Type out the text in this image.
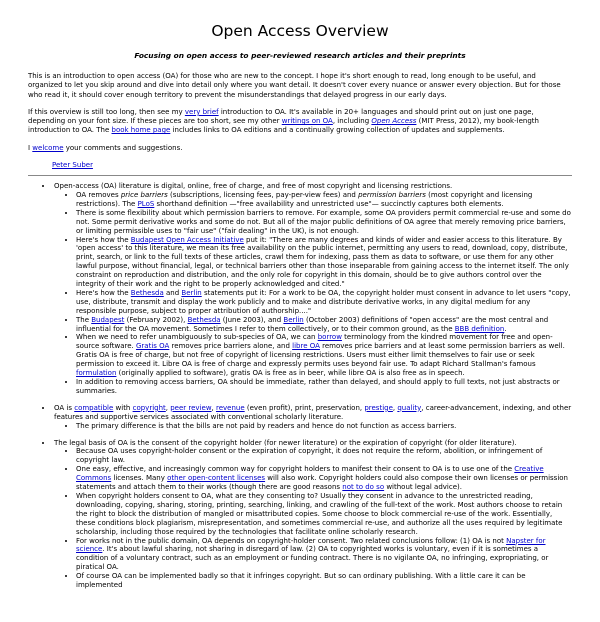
Open Access Overview
Focusing on open access to peer-reviewed research articles and their preprints

This is an introduction to open access (OA) for those who are new to the concept. I hope it's short enough to read, long enough to be useful, and organized to let you skip around and dive into detail only where you want detail. It doesn't cover every nuance or answer every objection. But for those who read it, it should cover enough territory to prevent the misunderstandings that delayed progress in our early days.

If this overview is still too long, then see my very brief introduction to OA. It's available in 20+ languages and should print out on just one page, depending on your font size. If these pieces are too short, see my other writings on OA, including Open Access (MIT Press, 2012), my book-length introduction to OA. The book home page includes links to OA editions and a continually growing collection of updates and supplements.

I welcome your comments and suggestions.

Peter Suber
• Open-access (OA) literature is digital, online, free of charge, and free of most copyright and licensing restrictions.
• OA removes price barriers (subscriptions, licensing fees, pay-per-view fees) and permission barriers (most copyright and licensing restrictions). The PLoS shorthand definition —"free availability and unrestricted use"— succinctly captures both elements.
• There is some flexibility about which permission barriers to remove. For example, some OA providers permit commercial re-use and some do not. Some permit derivative works and some do not. But all of the major public definitions of OA agree that merely removing price barriers, or limiting permissible uses to "fair use" ("fair dealing" in the UK), is not enough.
• Here's how the Budapest Open Access Initiative put it: "There are many degrees and kinds of wider and easier access to this literature. By 'open access' to this literature, we mean its free availability on the public internet, permitting any users to read, download, copy, distribute, print, search, or link to the full texts of these articles, crawl them for indexing, pass them as data to software, or use them for any other lawful purpose, without financial, legal, or technical barriers other than those inseparable from gaining access to the internet itself. The only constraint on reproduction and distribution, and the only role for copyright in this domain, should be to give authors control over the integrity of their work and the right to be properly acknowledged and cited."
• Here's how the Bethesda and Berlin statements put it: For a work to be OA, the copyright holder must consent in advance to let users "copy, use, distribute, transmit and display the work publicly and to make and distribute derivative works, in any digital medium for any responsible purpose, subject to proper attribution of authorship...."
• The Budapest (February 2002), Bethesda (June 2003), and Berlin (October 2003) definitions of "open access" are the most central and influential for the OA movement. Sometimes I refer to them collectively, or to their common ground, as the BBB definition.
• When we need to refer unambiguously to sub-species of OA, we can borrow terminology from the kindred movement for free and open-source software. Gratis OA removes price barriers alone, and libre OA removes price barriers and at least some permission barriers as well. Gratis OA is free of charge, but not free of copyright of licensing restrictions. Users must either limit themselves to fair use or seek permission to exceed it. Libre OA is free of charge and expressly permits uses beyond fair use. To adapt Richard Stallman's famous formulation (originally applied to software), gratis OA is free as in beer, while libre OA is also free as in speech.
• In addition to removing access barriers, OA should be immediate, rather than delayed, and should apply to full texts, not just abstracts or summaries.
• OA is compatible with copyright, peer review, revenue (even profit), print, preservation, prestige, quality, career-advancement, indexing, and other features and supportive services associated with conventional scholarly literature.
• The primary difference is that the bills are not paid by readers and hence do not function as access barriers.
• The legal basis of OA is the consent of the copyright holder (for newer literature) or the expiration of copyright (for older literature).
• Because OA uses copyright-holder consent or the expiration of copyright, it does not require the reform, abolition, or infringement of copyright law.
• One easy, effective, and increasingly common way for copyright holders to manifest their consent to OA is to use one of the Creative Commons licenses. Many other open-content licenses will also work. Copyright holders could also compose their own licenses or permission statements and attach them to their works (though there are good reasons not to do so without legal advice).
• When copyright holders consent to OA, what are they consenting to? Usually they consent in advance to the unrestricted reading, downloading, copying, sharing, storing, printing, searching, linking, and crawling of the full-text of the work. Most authors choose to retain the right to block the distribution of mangled or misattributed copies. Some choose to block commercial re-use of the work. Essentially, these conditions block plagiarism, misrepresentation, and sometimes commercial re-use, and authorize all the uses required by legitimate scholarship, including those required by the technologies that facilitate online scholarly research.
• For works not in the public domain, OA depends on copyright-holder consent. Two related conclusions follow: (1) OA is not Napster for science. It's about lawful sharing, not sharing in disregard of law. (2) OA to copyrighted works is voluntary, even if it is sometimes a condition of a voluntary contract, such as an employment or funding contract. There is no vigilante OA, no infringing, expropriating, or piratical OA.
• Of course OA can be implemented badly so that it infringes copyright. But so can ordinary publishing. With a little care it can be implemented
